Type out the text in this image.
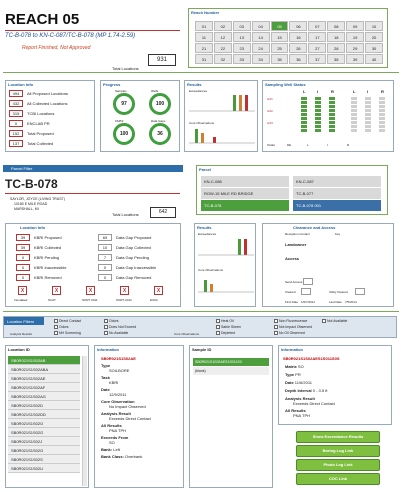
REACH 05
TC-B-078 to KN-C-087/TC-B-078 (MP 1.74-2.59)
Report Finished, Not Approved
Total Locations
931
Reach Number
01	02	03	04	05	06	07	08	09	10
11	12	13	14	15	16	17	18	19	20
21	22	23	24	25	26	27	28	29	30
31	32	33	34	35	36	37	38	39	40
Location Info
494	All Proposed Locations
432	All Collected Locations
315	TCBI Locations
0	ENCLAB PR
152	Total Proposed
137	Total Collected
Progress
Samples
97
Wells
100
KMIW
100
Data Gaps
36
Results
Exceedances
Core Observations
Sampling Well Status
L	I	R	L	I	R
GZ1
GZ2
GZ3
Totals	DE	L	I	R
Parcel Filter	Parcel
KN-C-085	KN-C-087
ROW-15 MILE RD BRIDGE	TC-B-077
TC-B-078	TC-B-078 001
TC-B-078
SAYLOR, JOYCE (LIVING TRUST)
10180 E MILE ROAD
MARSHALL, MI
Total Locations	642
Location Info
39	KBRI Proposed	69	Data Gap Proposed
39	KBRI Collected	10	Data Gap Collected
0	KBRI Pending	7	Data Gap Pending
0	KBRI Inaccessible	0	Data Gap Inaccessible
0	KBRI Removed	0	Data Gap Removed
X
Inundated
X
SCAT
X
SORT 2011
X
SORT 2012
X
EVAC
Results
Exceedances
Core Observations
Clearance and Access
Reception Contact	Key
Landowner
Access
Send Access
Cleared	Utility Cleared
First Date 1/6/7/2011	Last Date 7/5/2014
Location Filters
Analysis Results	Core Observations
Direct Contact
Odors
NH Screening
Odors
Does Not Exceed
No Available
Heat Oil
Sable Sheen
Depleted
Non Fluorescence
Not Impact Observed
No Oil Observed
Not Available
Location ID
SB0R021S1S02AB
SB0R021S1S02ABA
SB0R021S1S02AE
SB0R021S1S02AF
SB0R021S1S02AG
SB0R021S1S02D
SB0R021S1S02DD
SB0R021S1S02O
SB0R021S1S02G
SB0R021S1S02J
SB0R021S1S02O
SB0R021S1S02S
SB0R021S1S02U
Information
SB0R021S1S02AE
Type
SOILBORE
Task
KBRI
Date
12/9/2011
Core Observation
No Impact Observed
Analysis Result
Exceeds Direct Contact
All Results
PNA TPH
Exceeds From
SO
Bank: Left
Bank Class: Overbank
Sample ID
SB0R021S1S02AES1S011S0
(blank)
Information
SB0R021S1S02AES1S011S0S
Matrix SO
Type PR
Date 11/6/2011
Depth Interval 0 - 0.5 ft
Analysis Result
Exceeds Direct Contact
All Results
PNA TPH
Show Exceedance Results
Boring Log Link
Photo Log Link
COC Link
